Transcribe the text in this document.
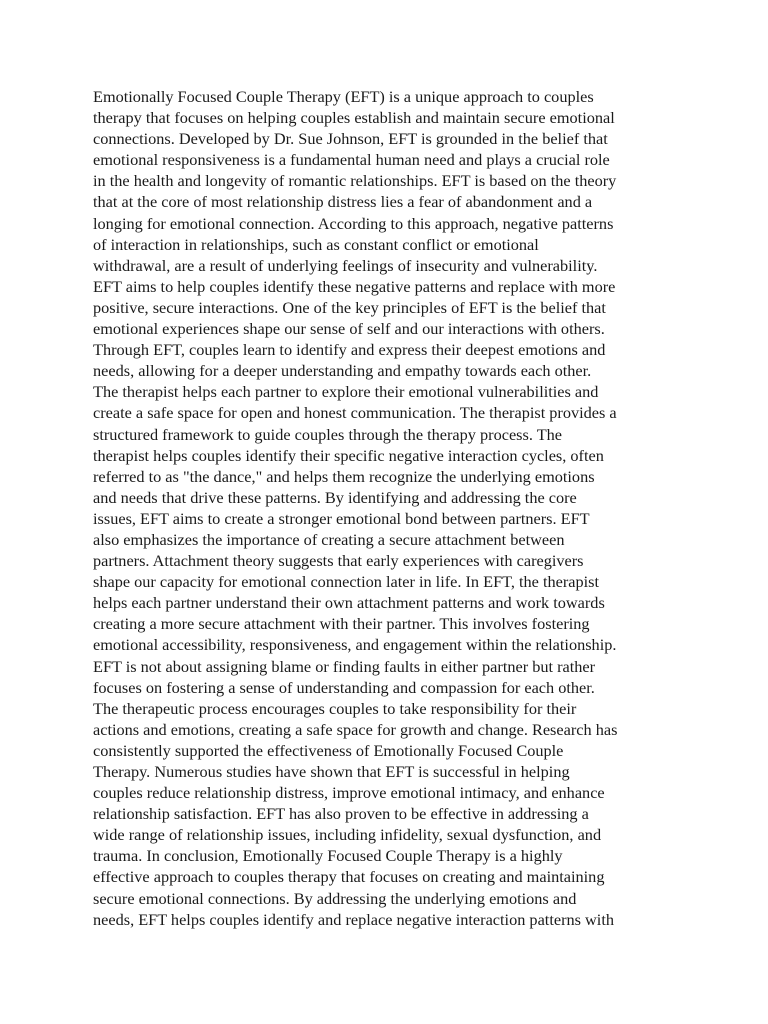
Emotionally Focused Couple Therapy (EFT) is a unique approach to couples
therapy that focuses on helping couples establish and maintain secure emotional
connections. Developed by Dr. Sue Johnson, EFT is grounded in the belief that
emotional responsiveness is a fundamental human need and plays a crucial role
in the health and longevity of romantic relationships. EFT is based on the theory
that at the core of most relationship distress lies a fear of abandonment and a
longing for emotional connection. According to this approach, negative patterns
of interaction in relationships, such as constant conflict or emotional
withdrawal, are a result of underlying feelings of insecurity and vulnerability.
EFT aims to help couples identify these negative patterns and replace with more
positive, secure interactions. One of the key principles of EFT is the belief that
emotional experiences shape our sense of self and our interactions with others.
Through EFT, couples learn to identify and express their deepest emotions and
needs, allowing for a deeper understanding and empathy towards each other.
The therapist helps each partner to explore their emotional vulnerabilities and
create a safe space for open and honest communication. The therapist provides a
structured framework to guide couples through the therapy process. The
therapist helps couples identify their specific negative interaction cycles, often
referred to as "the dance," and helps them recognize the underlying emotions
and needs that drive these patterns. By identifying and addressing the core
issues, EFT aims to create a stronger emotional bond between partners. EFT
also emphasizes the importance of creating a secure attachment between
partners. Attachment theory suggests that early experiences with caregivers
shape our capacity for emotional connection later in life. In EFT, the therapist
helps each partner understand their own attachment patterns and work towards
creating a more secure attachment with their partner. This involves fostering
emotional accessibility, responsiveness, and engagement within the relationship.
EFT is not about assigning blame or finding faults in either partner but rather
focuses on fostering a sense of understanding and compassion for each other.
The therapeutic process encourages couples to take responsibility for their
actions and emotions, creating a safe space for growth and change. Research has
consistently supported the effectiveness of Emotionally Focused Couple
Therapy. Numerous studies have shown that EFT is successful in helping
couples reduce relationship distress, improve emotional intimacy, and enhance
relationship satisfaction. EFT has also proven to be effective in addressing a
wide range of relationship issues, including infidelity, sexual dysfunction, and
trauma. In conclusion, Emotionally Focused Couple Therapy is a highly
effective approach to couples therapy that focuses on creating and maintaining
secure emotional connections. By addressing the underlying emotions and
needs, EFT helps couples identify and replace negative interaction patterns with
